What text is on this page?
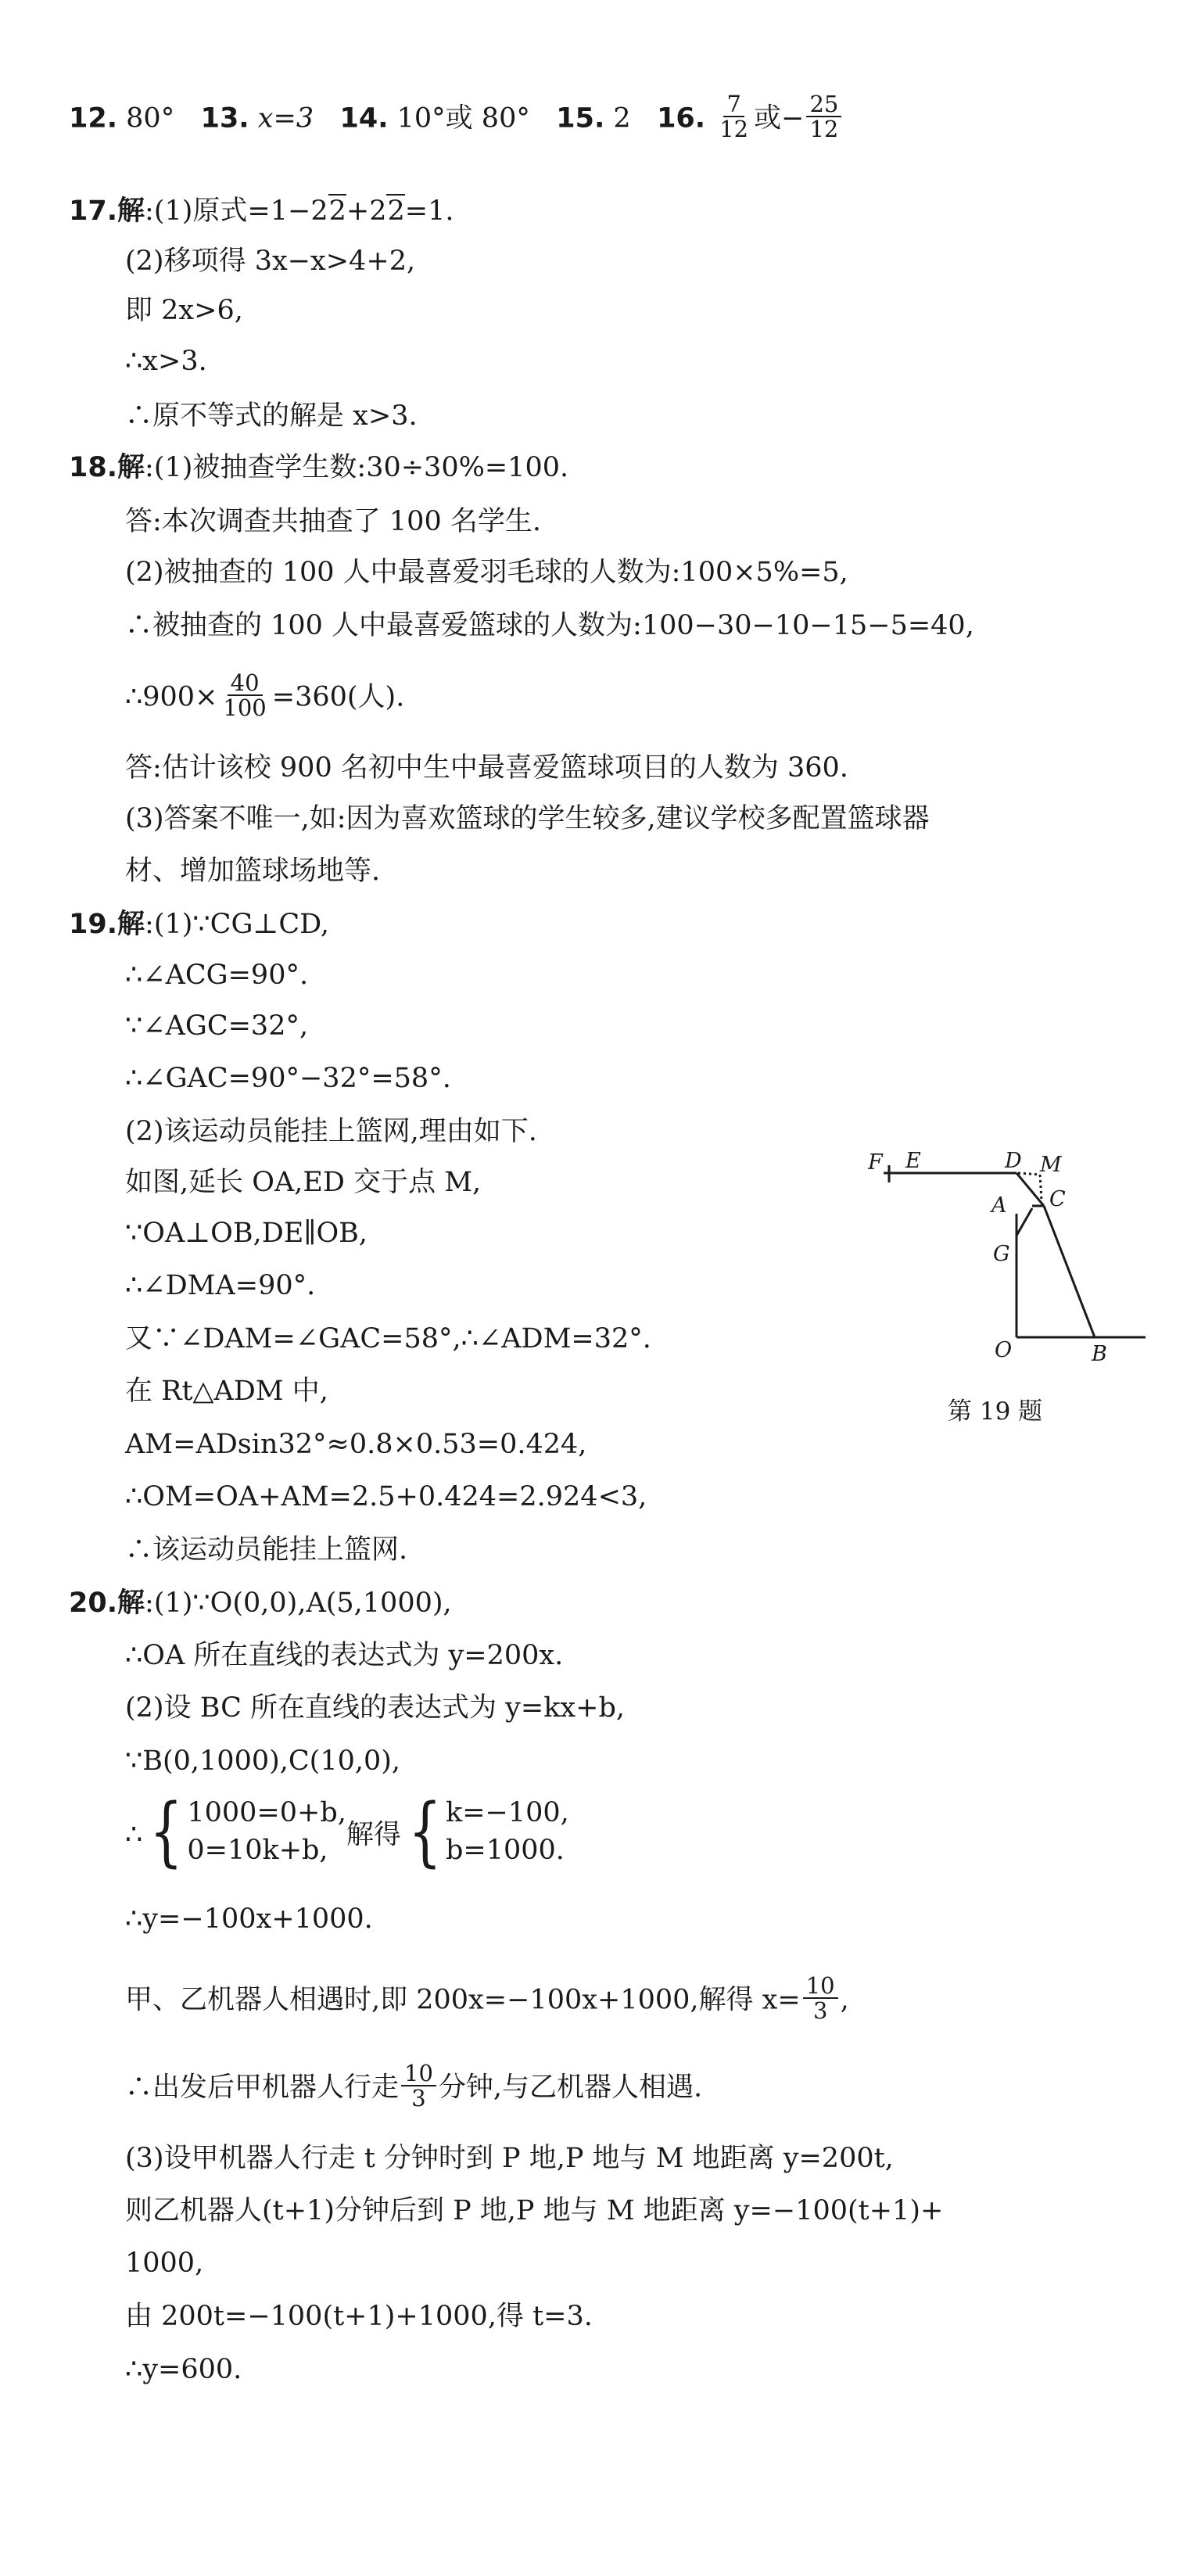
12. 80° 13. x=3 14. 10°或 80° 15. 2 16. $\frac{7}{12}$ 或− $\frac{25}{12}$
17.解:(1)原式=1−22+22=1.
(2)移项得 3x−x>4+2,
即 2x>6,
∴x>3.
∴原不等式的解是 x>3.
18.解:(1)被抽查学生数:30÷30%=100.
答:本次调查共抽查了 100 名学生.
(2)被抽查的 100 人中最喜爱羽毛球的人数为:100×5%=5,
∴被抽查的 100 人中最喜爱篮球的人数为:100−30−10−15−5=40,
∴900× $\frac{40}{100} =360$(人).
答:估计该校 900 名初中生中最喜爱篮球项目的人数为 360.
(3)答案不唯一,如:因为喜欢篮球的学生较多,建议学校多配置篮球器
材、增加篮球场地等.
19.解:(1)∵CG⊥CD,
∴∠ACG=90°.
∵∠AGC=32°,
∴∠GAC=90°−32°=58°.
(2)该运动员能挂上篮网,理由如下.
如图,延长 OA,ED 交于点 M,
∵OA⊥OB,DE∥OB,
∴∠DMA=90°.
又∵∠DAM=∠GAC=58°,∴∠ADM=32°.
在 Rt△ADM 中,
AM=ADsin32°≈0.8×0.53=0.424,
∴OM=OA+AM=2.5+0.424=2.924<3,
∴该运动员能挂上篮网.
F E	D M
A C
G
O	B
第 19 题
20.解:(1)∵O(0,0),A(5,1000),
∴OA 所在直线的表达式为 y=200x.
(2)设 BC 所在直线的表达式为 y=kx+b,
∵B(0,1000),C(10,0),
∴ { 1000=0+b,
0=10k+b, 解得 { k=−100,
b=1000.
∴y=−100x+1000.
甲、乙机器人相遇时,即 200x=−100x+1000,解得 $x= \frac{10}{3}$ ,
∴出发后甲机器人行走 $\frac{10}{3}$ 分钟,与乙机器人相遇.
(3)设甲机器人行走 t 分钟时到 P 地,P 地与 M 地距离 y=200t,
则乙机器人(t+1)分钟后到 P 地,P 地与 M 地距离 y=−100(t+1)+
1000,
由 200t=−100(t+1)+1000,得 t=3.
∴y=600.
